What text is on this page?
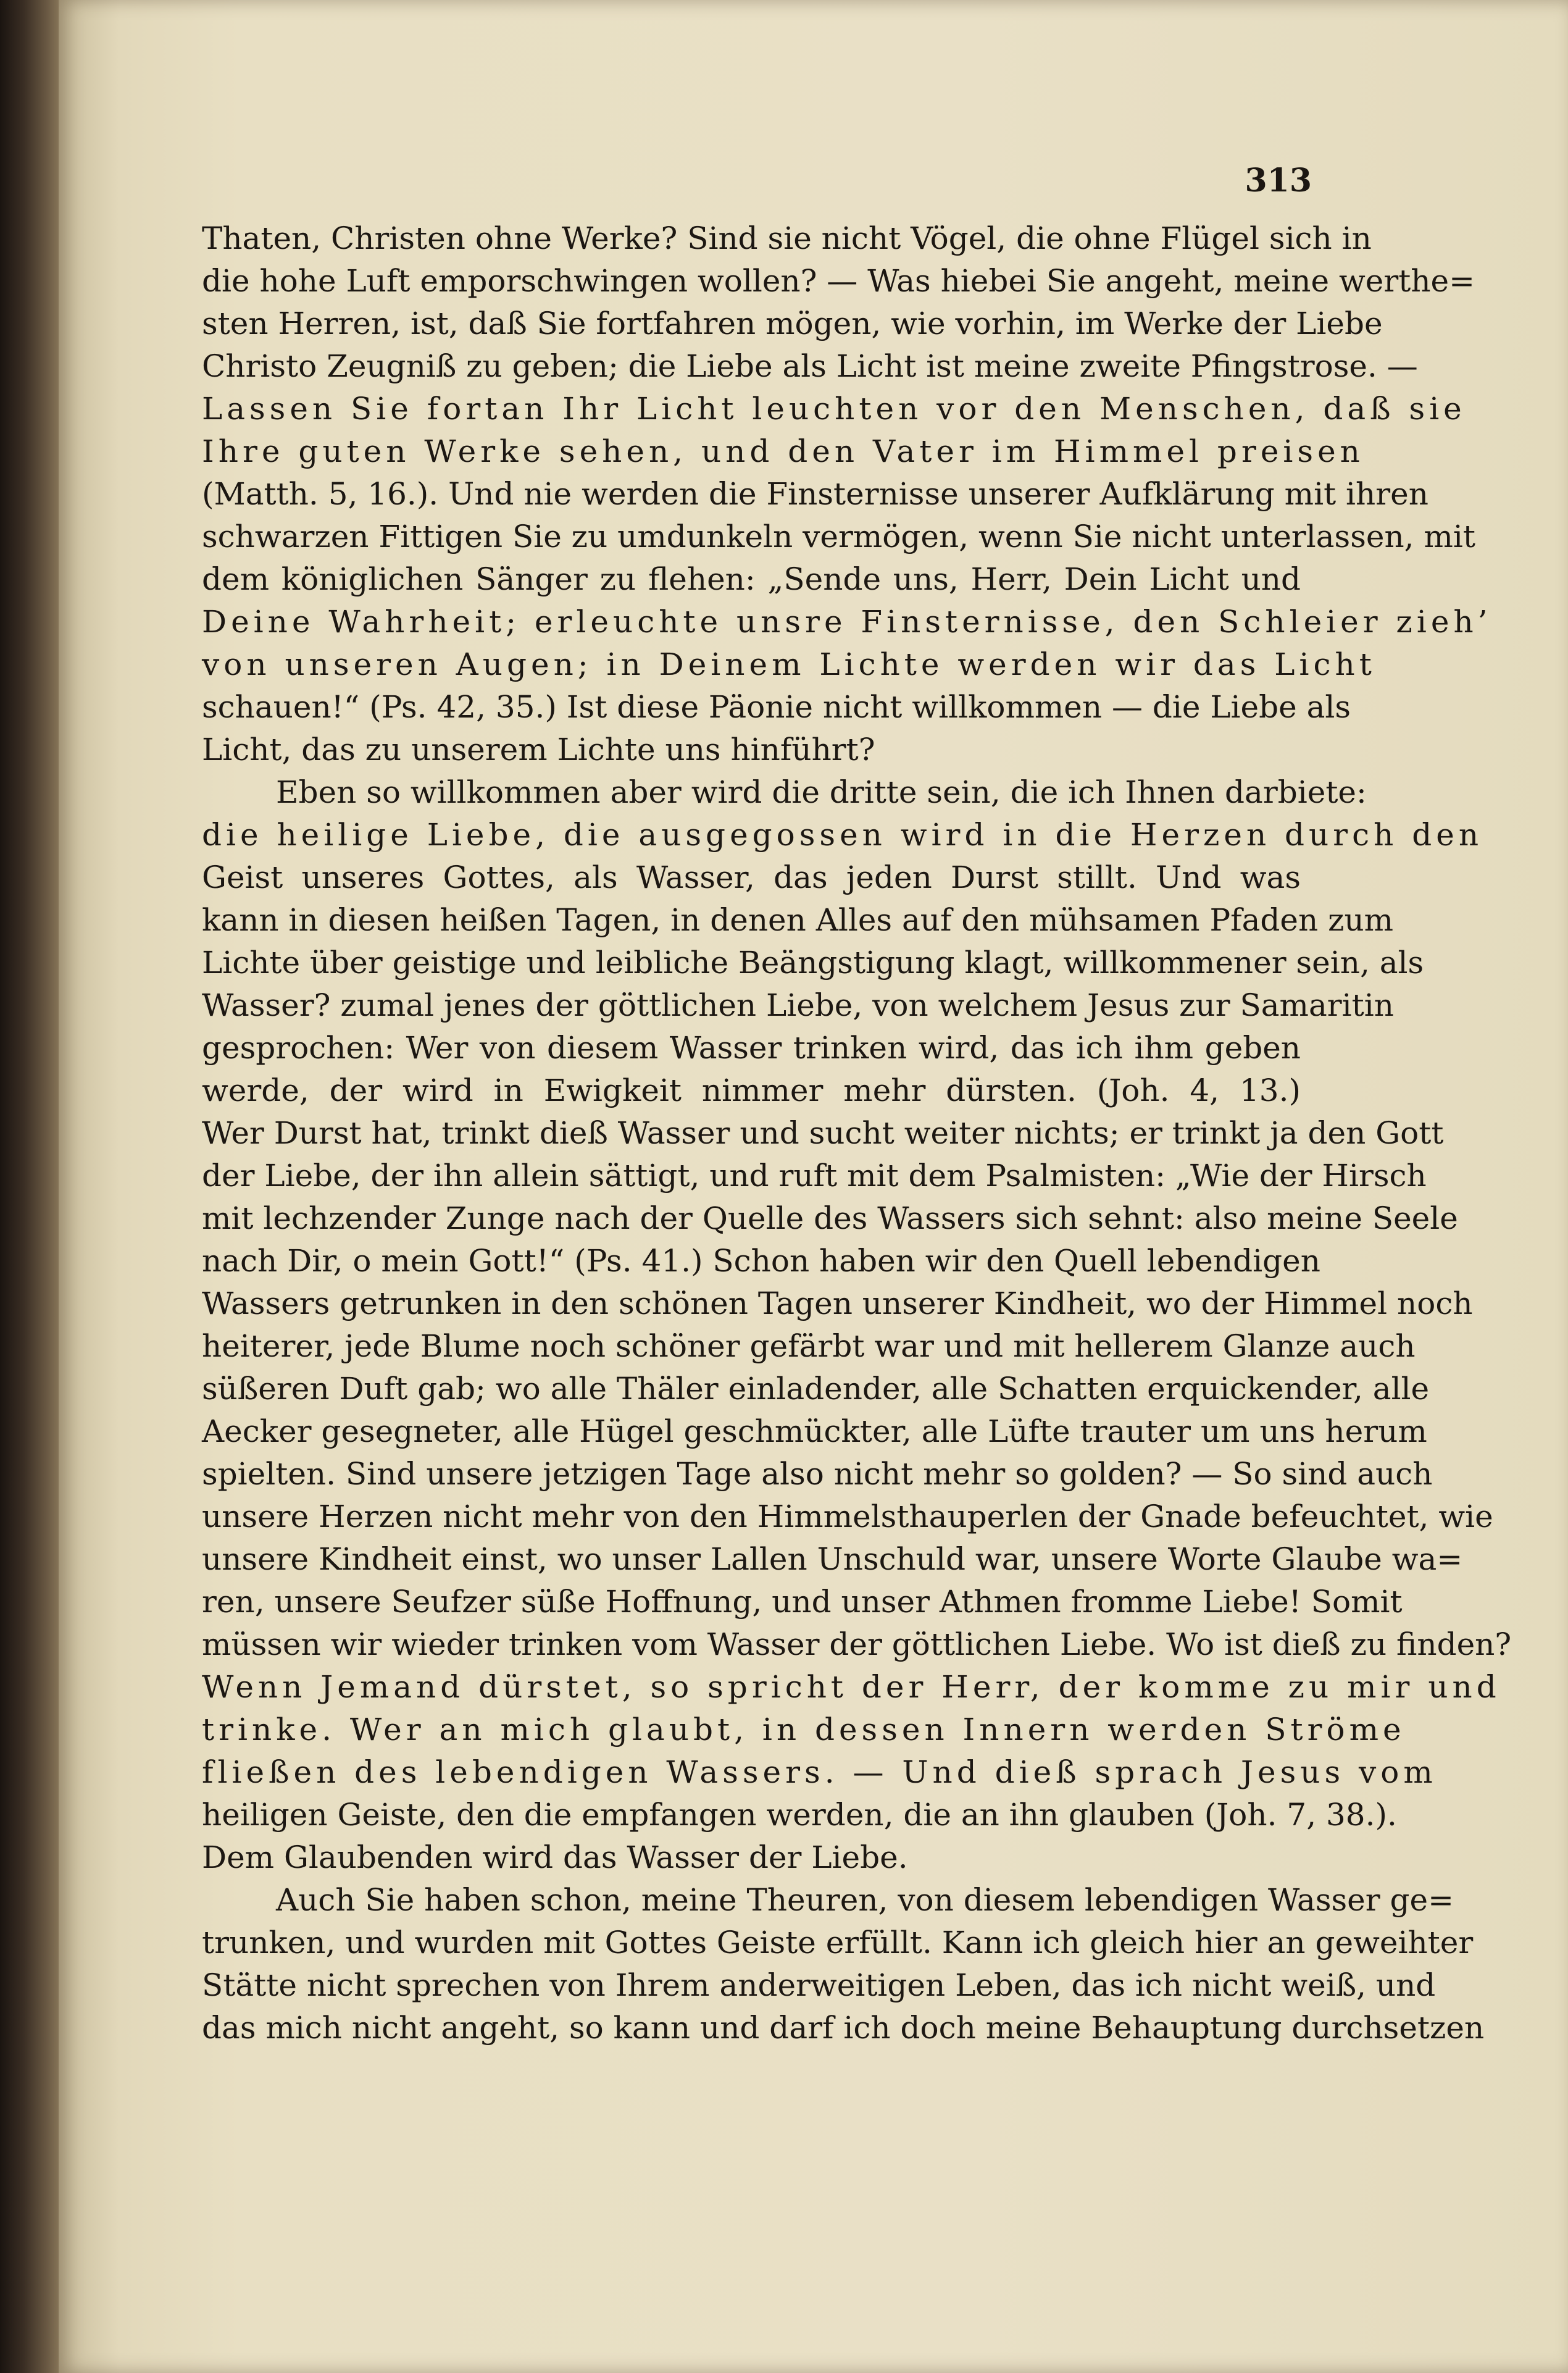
313
Thaten, Christen ohne Werke? Sind sie nicht Vögel, die ohne Flügel sich in
die hohe Luft emporschwingen wollen? — Was hiebei Sie angeht, meine werthe=
sten Herren, ist, daß Sie fortfahren mögen, wie vorhin, im Werke der Liebe
Christo Zeugniß zu geben; die Liebe als Licht ist meine zweite Pfingstrose. —
Lassen Sie fortan Ihr Licht leuchten vor den Menschen, daß sie
Ihre guten Werke sehen, und den Vater im Himmel preisen
(Matth. 5, 16.). Und nie werden die Finsternisse unserer Aufklärung mit ihren
schwarzen Fittigen Sie zu umdunkeln vermögen, wenn Sie nicht unterlassen, mit
dem königlichen Sänger zu flehen: „Sende uns, Herr, Dein Licht und
Deine Wahrheit; erleuchte unsre Finsternisse, den Schleier zieh’
von unseren Augen; in Deinem Lichte werden wir das Licht
schauen!“ (Ps. 42, 35.) Ist diese Päonie nicht willkommen — die Liebe als
Licht, das zu unserem Lichte uns hinführt?
Eben so willkommen aber wird die dritte sein, die ich Ihnen darbiete:
die heilige Liebe, die ausgegossen wird in die Herzen durch den
Geist unseres Gottes, als Wasser, das jeden Durst stillt. Und was
kann in diesen heißen Tagen, in denen Alles auf den mühsamen Pfaden zum
Lichte über geistige und leibliche Beängstigung klagt, willkommener sein, als
Wasser? zumal jenes der göttlichen Liebe, von welchem Jesus zur Samaritin
gesprochen: Wer von diesem Wasser trinken wird, das ich ihm geben
werde, der wird in Ewigkeit nimmer mehr dürsten. (Joh. 4, 13.)
Wer Durst hat, trinkt dieß Wasser und sucht weiter nichts; er trinkt ja den Gott
der Liebe, der ihn allein sättigt, und ruft mit dem Psalmisten: „Wie der Hirsch
mit lechzender Zunge nach der Quelle des Wassers sich sehnt: also meine Seele
nach Dir, o mein Gott!“ (Ps. 41.) Schon haben wir den Quell lebendigen
Wassers getrunken in den schönen Tagen unserer Kindheit, wo der Himmel noch
heiterer, jede Blume noch schöner gefärbt war und mit hellerem Glanze auch
süßeren Duft gab; wo alle Thäler einladender, alle Schatten erquickender, alle
Aecker gesegneter, alle Hügel geschmückter, alle Lüfte trauter um uns herum
spielten. Sind unsere jetzigen Tage also nicht mehr so golden? — So sind auch
unsere Herzen nicht mehr von den Himmelsthauperlen der Gnade befeuchtet, wie
unsere Kindheit einst, wo unser Lallen Unschuld war, unsere Worte Glaube wa=
ren, unsere Seufzer süße Hoffnung, und unser Athmen fromme Liebe! Somit
müssen wir wieder trinken vom Wasser der göttlichen Liebe. Wo ist dieß zu finden?
Wenn Jemand dürstet, so spricht der Herr, der komme zu mir und
trinke. Wer an mich glaubt, in dessen Innern werden Ströme
fließen des lebendigen Wassers. — Und dieß sprach Jesus vom
heiligen Geiste, den die empfangen werden, die an ihn glauben (Joh. 7, 38.).
Dem Glaubenden wird das Wasser der Liebe.
Auch Sie haben schon, meine Theuren, von diesem lebendigen Wasser ge=
trunken, und wurden mit Gottes Geiste erfüllt. Kann ich gleich hier an geweihter
Stätte nicht sprechen von Ihrem anderweitigen Leben, das ich nicht weiß, und
das mich nicht angeht, so kann und darf ich doch meine Behauptung durchsetzen
